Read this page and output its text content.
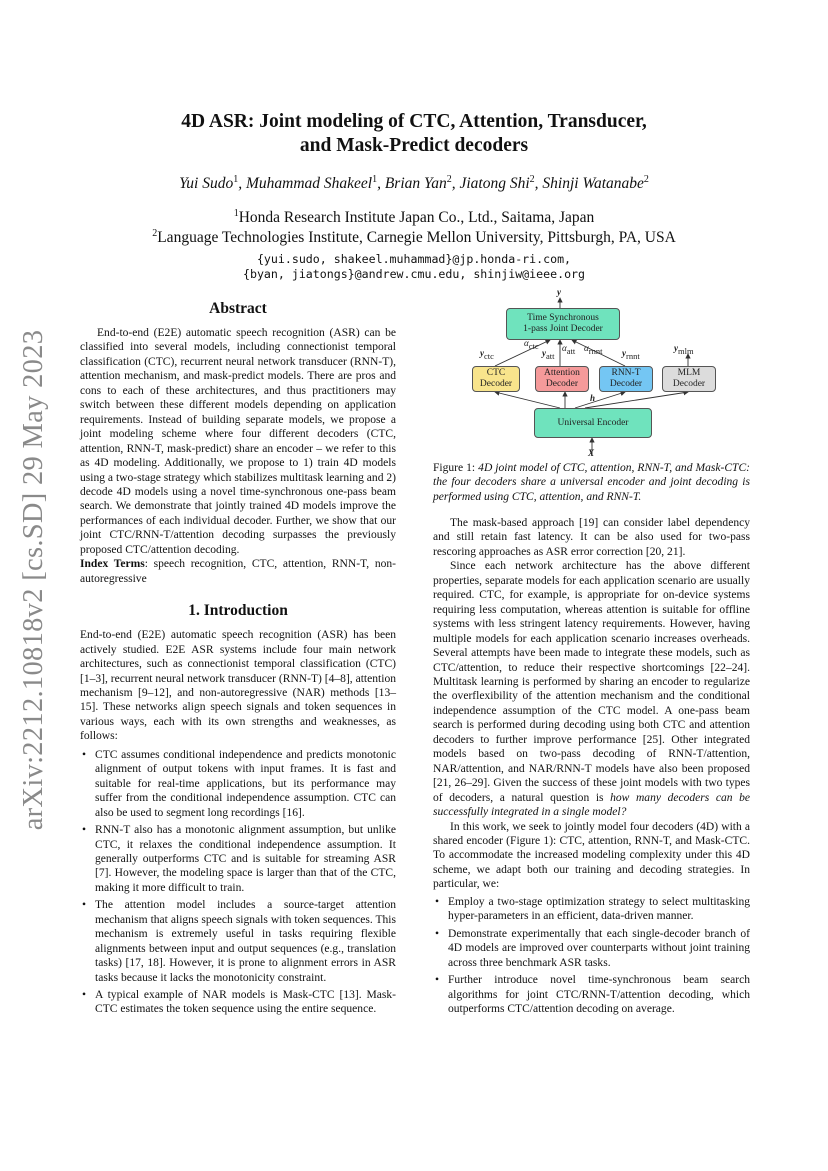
arXiv:2212.10818v2 [cs.SD] 29 May 2023
4D ASR: Joint modeling of CTC, Attention, Transducer,
and Mask-Predict decoders
Yui Sudo$^1$, Muhammad Shakeel$^1$, Brian Yan$^2$, Jiatong Shi$^2$, Shinji Watanabe$^2$
$^1$Honda Research Institute Japan Co., Ltd., Saitama, Japan
$^2$Language Technologies Institute, Carnegie Mellon University, Pittsburgh, PA, USA
{yui.sudo, shakeel.muhammad}@jp.honda-ri.com,
{byan, jiatongs}@andrew.cmu.edu, shinjiw@ieee.org
Abstract
End-to-end (E2E) automatic speech recognition (ASR) can be classified into several models, including connectionist temporal classification (CTC), recurrent neural network transducer (RNN-T), attention mechanism, and mask-predict models. There are pros and cons to each of these architectures, and thus practitioners may switch between these different models depending on application requirements. Instead of building separate models, we propose a joint modeling scheme where four different decoders (CTC, attention, RNN-T, mask-predict) share an encoder – we refer to this as 4D modeling. Additionally, we propose to 1) train 4D models using a two-stage strategy which stabilizes multitask learning and 2) decode 4D models using a novel time-synchronous one-pass beam search. We demonstrate that jointly trained 4D models improve the performances of each individual decoder. Further, we show that our joint CTC/RNN-T/attention decoding surpasses the previously proposed CTC/attention decoding.
Index Terms: speech recognition, CTC, attention, RNN-T, non-autoregressive
1. Introduction
End-to-end (E2E) automatic speech recognition (ASR) has been actively studied. E2E ASR systems include four main network architectures, such as connectionist temporal classification (CTC) [1–3], recurrent neural network transducer (RNN-T) [4–8], attention mechanism [9–12], and non-autoregressive (NAR) methods [13–15]. These networks align speech signals and token sequences in various ways, each with its own strengths and weaknesses, as follows:
• CTC assumes conditional independence and predicts monotonic alignment of output tokens with input frames. It is fast and suitable for real-time applications, but its performance may suffer from the conditional independence assumption. CTC can also be used to segment long recordings [16].
• RNN-T also has a monotonic alignment assumption, but unlike CTC, it relaxes the conditional independence assumption. It generally outperforms CTC and is suitable for streaming ASR [7]. However, the modeling space is larger than that of the CTC, making it more difficult to train.
• The attention model includes a source-target attention mechanism that aligns speech signals with token sequences. This mechanism is extremely useful in tasks requiring flexible alignments between input and output sequences (e.g., translation tasks) [17, 18]. However, it is prone to alignment errors in ASR tasks because it lacks the monotonicity constraint.
• A typical example of NAR models is Mask-CTC [13]. Mask-CTC estimates the token sequence using the entire sequence.
Time Synchronous
1-pass Joint Decoder
CTC
Decoder
Attention
Decoder
RNN-T
Decoder
MLM
Decoder
Universal Encoder
y
yctc	yatt	yrnnt
ymlm
αctc	αatt αrnnt
h
X
Figure 1: 4D joint model of CTC, attention, RNN-T, and Mask-CTC: the four decoders share a universal encoder and joint decoding is performed using CTC, attention, and RNN-T.
The mask-based approach [19] can consider label dependency and still retain fast latency. It can be also used for two-pass rescoring approaches as ASR error correction [20, 21].
Since each network architecture has the above different properties, separate models for each application scenario are usually required. CTC, for example, is appropriate for on-device systems requiring less computation, whereas attention is suitable for offline systems with less stringent latency requirements. However, having multiple models for each application scenario increases overheads. Several attempts have been made to integrate these models, such as CTC/attention, to reduce their respective shortcomings [22–24]. Multitask learning is performed by sharing an encoder to regularize the overflexibility of the attention mechanism and the conditional independence assumption of the CTC model. A one-pass beam search is performed during decoding using both CTC and attention decoders to further improve performance [25]. Other integrated models based on two-pass decoding of RNN-T/attention, NAR/attention, and NAR/RNN-T models have also been proposed [21, 26–29]. Given the success of these joint models with two types of decoders, a natural question is how many decoders can be successfully integrated in a single model?
In this work, we seek to jointly model four decoders (4D) with a shared encoder (Figure 1): CTC, attention, RNN-T, and Mask-CTC. To accommodate the increased modeling complexity under this 4D scheme, we adapt both our training and decoding strategies. In particular, we:
• Employ a two-stage optimization strategy to select multitasking hyper-parameters in an efficient, data-driven manner.
• Demonstrate experimentally that each single-decoder branch of 4D models are improved over counterparts without joint training across three benchmark ASR tasks.
• Further introduce novel time-synchronous beam search algorithms for joint CTC/RNN-T/attention decoding, which outperforms CTC/attention decoding on average.
